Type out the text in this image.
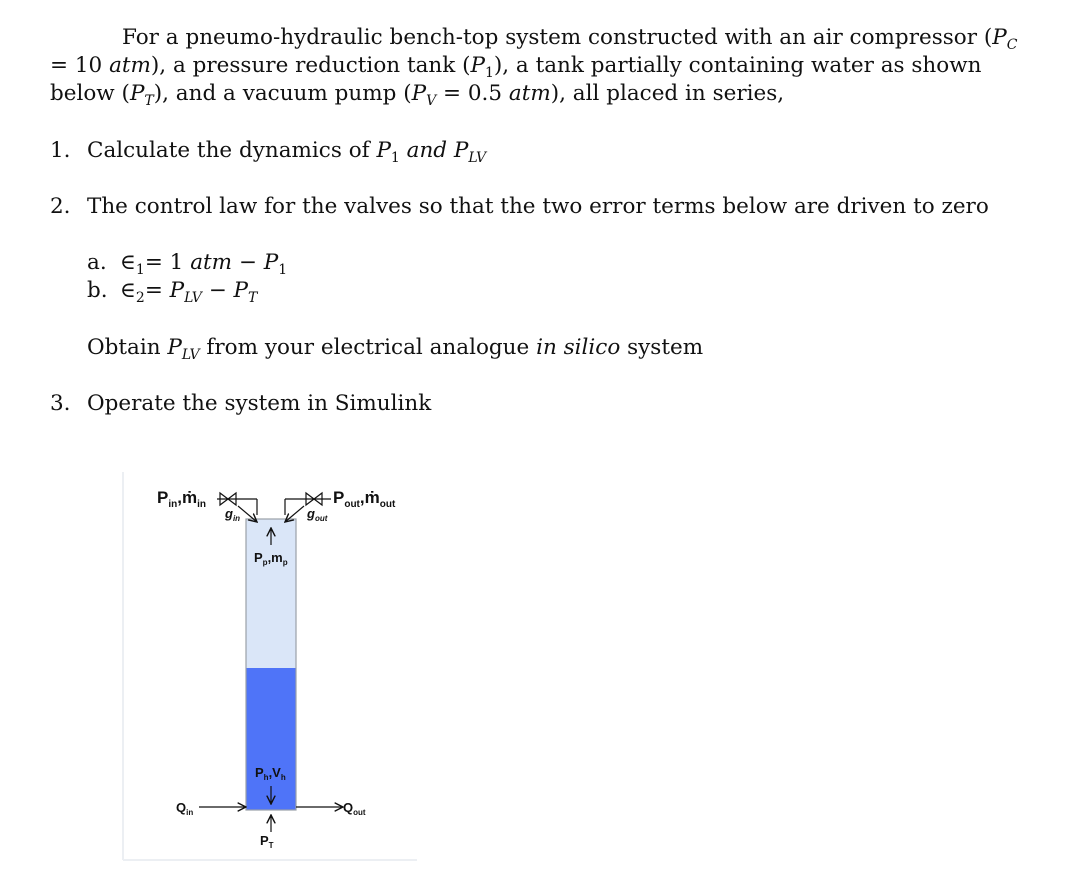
For a pneumo-hydraulic bench-top system constructed with an air compressor ($P_C = 10$ atm), a pressure reduction tank $(P_1)$, a tank partially containing water as shown below $(P_T)$, and a vacuum pump ($P_V = 0.5$ atm), all placed in series,
1. Calculate the dynamics of $P_1$ and $P_{LV}$
2. The control law for the valves so that the two error terms below are driven to zero
a. $\in_1= 1$ atm − $P_1$
b. $\in_2= P_{LV} - P_T$
Obtain $P_{LV}$ from your electrical analogue in silico system
3. Operate the system in Simulink
$P_{in},ṁ_{in}$
$g_{in}$	$g_{out}$
$P_{out},ṁ_{out}$
$P_p,m_p$
$P_h,V_h$
$Q_{in}$	$Q_{out}$
$P_T$
